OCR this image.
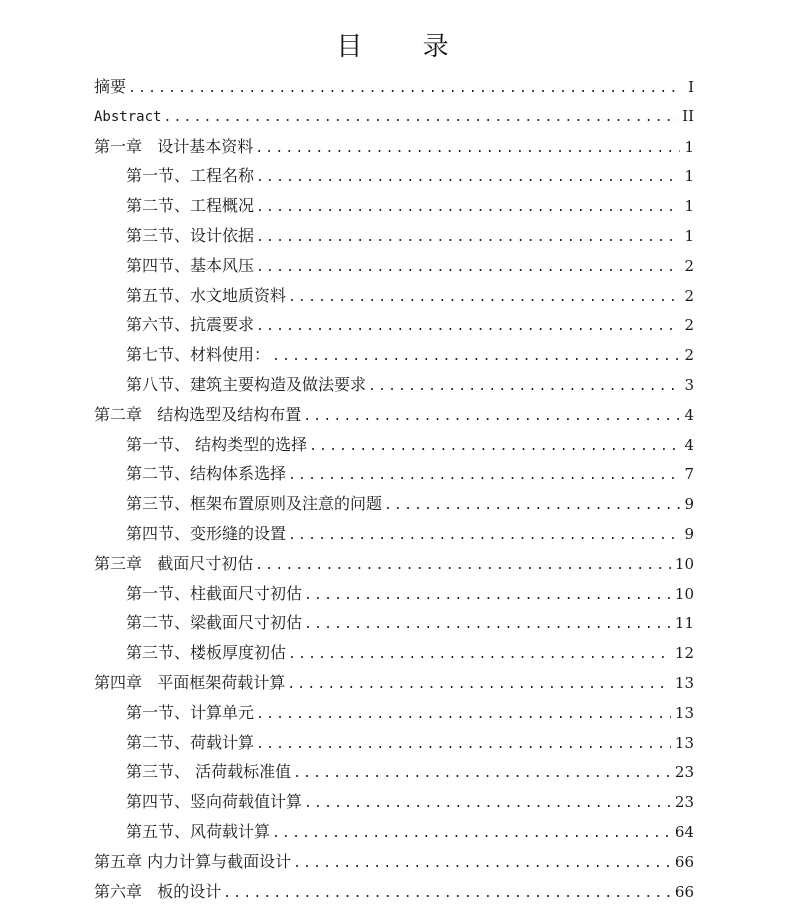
目 录
摘要 .....	I
Abstract .....	II
第一章   设计基本资料 .....	1
第一节、工程名称 .....	1
第二节、工程概况 .....	1
第三节、设计依据 .....	1
第四节、基本风压 .....	2
第五节、水文地质资料 .....	2
第六节、抗震要求 .....	2
第七节、材料使用： .....	2
第八节、建筑主要构造及做法要求 .....	3
第二章   结构选型及结构布置 .....	4
第一节、 结构类型的选择 .....	4
第二节、结构体系选择 .....	7
第三节、框架布置原则及注意的问题 .....	9
第四节、变形缝的设置 .....	9
第三章   截面尺寸初估 .....	10
第一节、柱截面尺寸初估 .....	10
第二节、梁截面尺寸初估 .....	11
第三节、楼板厚度初估 .....	12
第四章   平面框架荷载计算 .....	13
第一节、计算单元 .....	13
第二节、荷载计算 .....	13
第三节、 活荷载标准值 .....	23
第四节、竖向荷载值计算 .....	23
第五节、风荷载计算 .....	64
第五章 内力计算与截面设计 .....	66
第六章   板的设计 .....	66
